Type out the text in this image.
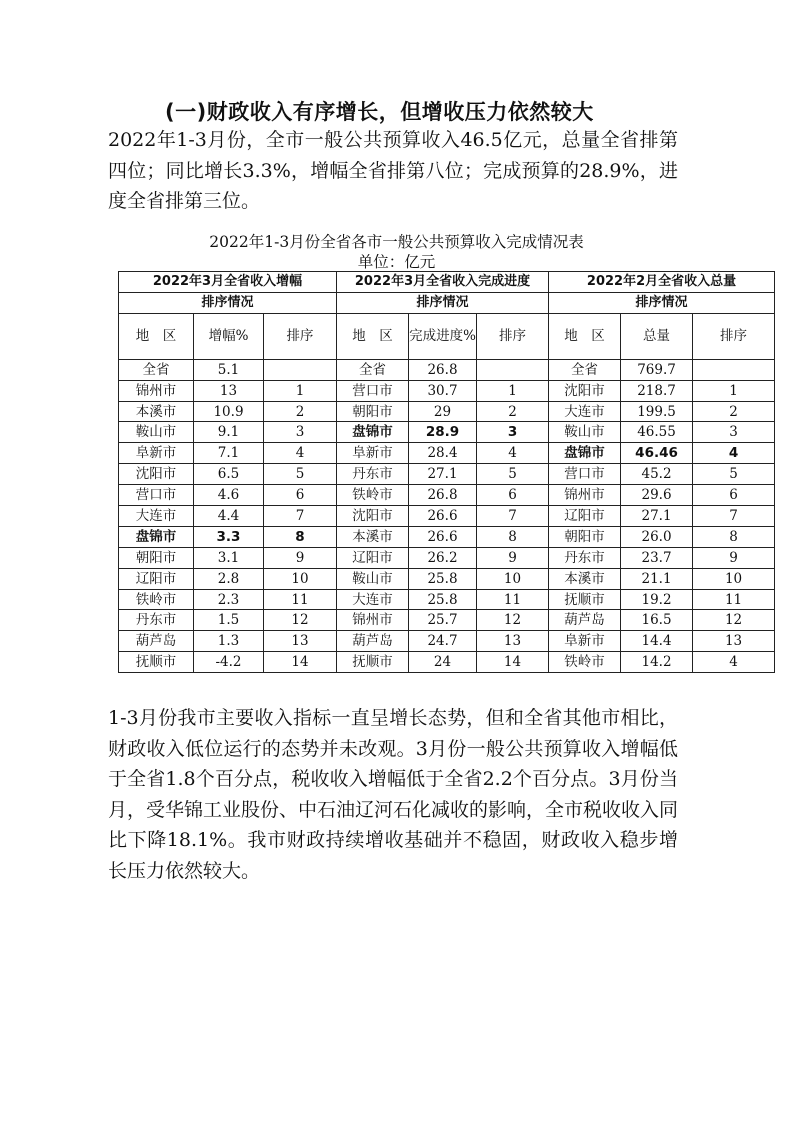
(一)财政收入有序增长，但增收压力依然较大
2022年1-3月份，全市一般公共预算收入46.5亿元，总量全省排第四位；同比增长3.3%，增幅全省排第八位；完成预算的28.9%，进度全省排第三位。
2022年1-3月份全省各市一般公共预算收入完成情况表
单位：亿元
2022年3月全省收入增幅			2022年3月全省收入完成进度			2022年2月全省收入总量		
排序情况			排序情况			排序情况		
地　区	增幅%	排序	地　区	完成进度%	排序	地　区	总量	排序
全省	5.1		全省	26.8		全省	769.7	
锦州市	13	1	营口市	30.7	1	沈阳市	218.7	1
本溪市	10.9	2	朝阳市	29	2	大连市	199.5	2
鞍山市	9.1	3	盘锦市	28.9	3	鞍山市	46.55	3
阜新市	7.1	4	阜新市	28.4	4	盘锦市	46.46	4
沈阳市	6.5	5	丹东市	27.1	5	营口市	45.2	5
营口市	4.6	6	铁岭市	26.8	6	锦州市	29.6	6
大连市	4.4	7	沈阳市	26.6	7	辽阳市	27.1	7
盘锦市	3.3	8	本溪市	26.6	8	朝阳市	26.0	8
朝阳市	3.1	9	辽阳市	26.2	9	丹东市	23.7	9
辽阳市	2.8	10	鞍山市	25.8	10	本溪市	21.1	10
铁岭市	2.3	11	大连市	25.8	11	抚顺市	19.2	11
丹东市	1.5	12	锦州市	25.7	12	葫芦岛	16.5	12
葫芦岛	1.3	13	葫芦岛	24.7	13	阜新市	14.4	13
抚顺市	-4.2	14	抚顺市	24	14	铁岭市	14.2	4
1-3月份我市主要收入指标一直呈增长态势，但和全省其他市相比，财政收入低位运行的态势并未改观。3月份一般公共预算收入增幅低于全省1.8个百分点，税收收入增幅低于全省2.2个百分点。3月份当月，受华锦工业股份、中石油辽河石化减收的影响，全市税收收入同比下降18.1%。我市财政持续增收基础并不稳固，财政收入稳步增长压力依然较大。
